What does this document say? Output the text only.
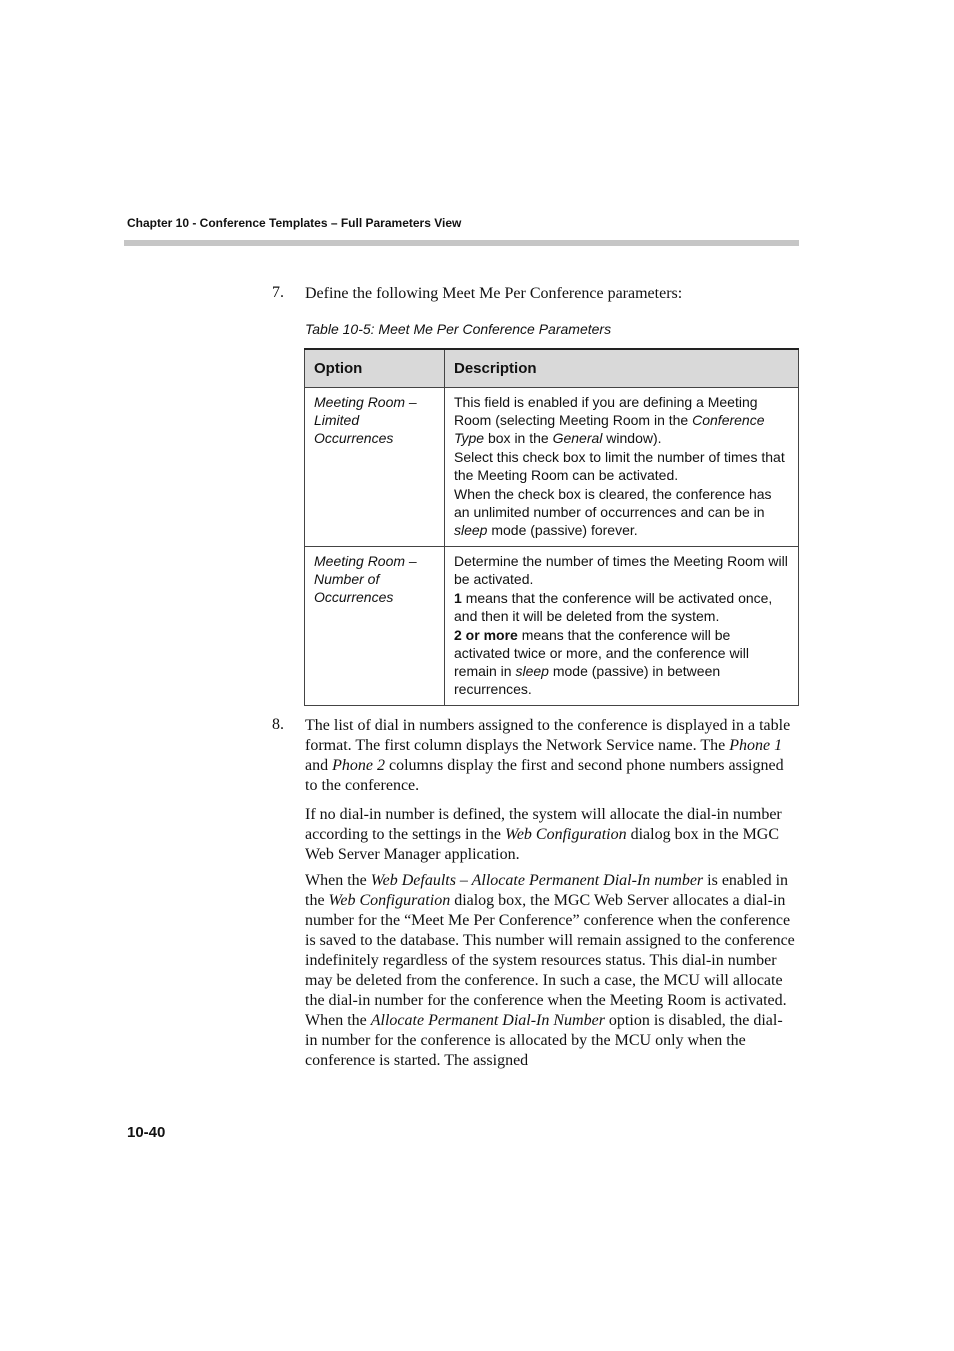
Chapter 10 - Conference Templates – Full Parameters View
7. Define the following Meet Me Per Conference parameters:
Table 10-5: Meet Me Per Conference Parameters
Option	Description
Meeting Room – Limited Occurrences	This field is enabled if you are defining a Meeting Room (selecting Meeting Room in the Conference Type box in the General window).
Select this check box to limit the number of times that the Meeting Room can be activated.
When the check box is cleared, the conference has an unlimited number of occurrences and can be in sleep mode (passive) forever.

Meeting Room – Number of Occurrences	Determine the number of times the Meeting Room will be activated.
1 means that the conference will be activated once, and then it will be deleted from the system.
2 or more means that the conference will be activated twice or more, and the conference will remain in sleep mode (passive) in between recurrences.
8. The list of dial in numbers assigned to the conference is displayed in a table format. The first column displays the Network Service name. The Phone 1 and Phone 2 columns display the first and second phone numbers assigned to the conference.
If no dial-in number is defined, the system will allocate the dial-in number according to the settings in the Web Configuration dialog box in the MGC Web Server Manager application.
When the Web Defaults – Allocate Permanent Dial-In number is enabled in the Web Configuration dialog box, the MGC Web Server allocates a dial-in number for the “Meet Me Per Conference” conference when the conference is saved to the database. This number will remain assigned to the conference indefinitely regardless of the system resources status. This dial-in number may be deleted from the conference. In such a case, the MCU will allocate the dial-in number for the conference when the Meeting Room is activated. When the Allocate Permanent Dial-In Number option is disabled, the dial-in number for the conference is allocated by the MCU only when the conference is started. The assigned
10-40
